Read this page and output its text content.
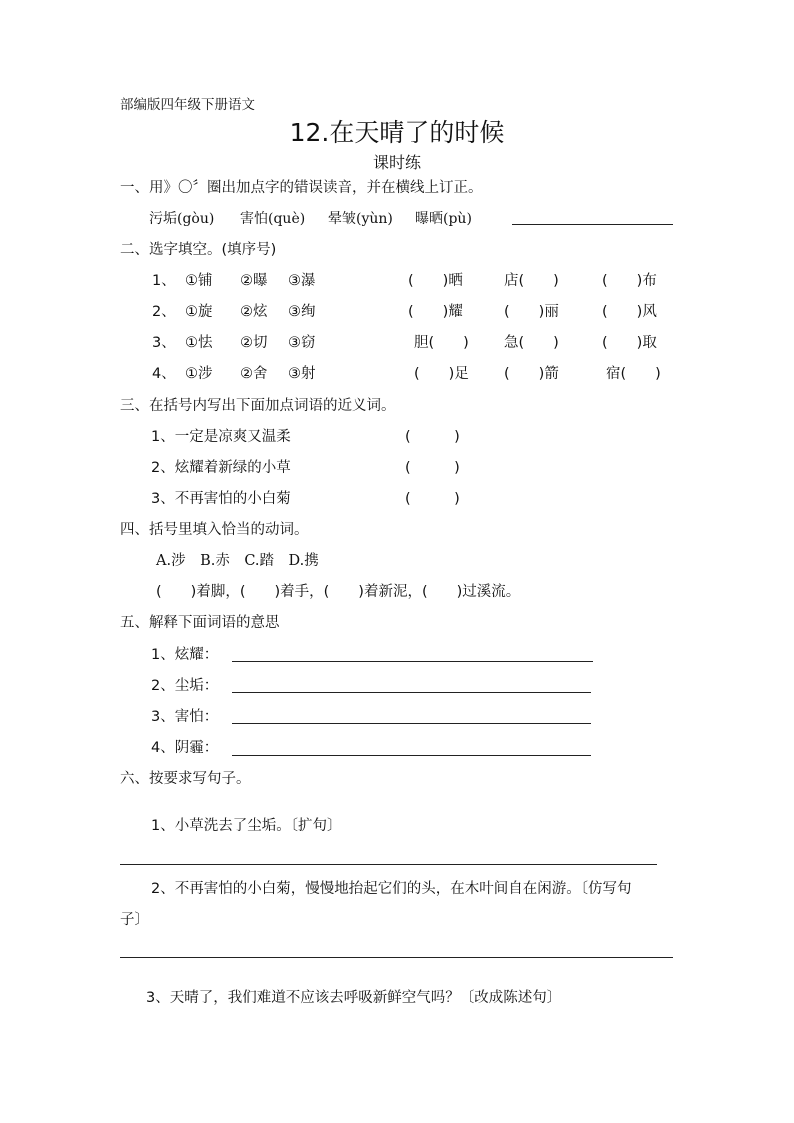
部编版四年级下册语文
12.在天晴了的时候
课时练
一、用》〇〞圈出加点字的错误读音，并在横线上订正。
污垢(gòu) 害怕(què) 晕皱(yùn) 曝晒(pù)
二、选字填空。(填序号)
1、 ①铺 ②曝 ③瀑	(　　)晒	店(　　)	(　　)布
2、 ①旋 ②炫 ③绚	(　　)耀	(　　)丽	(　　)风
3、 ①怯 ②切 ③窃	胆(　　) 急(　　)	(　　)取
4、 ①涉 ②舍 ③射	(　　)足 (　　)箭	宿(　　)
三、在括号内写出下面加点词语的近义词。
1、一定是凉爽又温柔	(　　　)
2、炫耀着新绿的小草	(　　　)
3、不再害怕的小白菊	(　　　)
四、括号里填入恰当的动词。
A.涉　B.赤　C.踏　D.携
(　　)着脚，(　　)着手，(　　)着新泥，(　　)过溪流。
五、解释下面词语的意思
1、炫耀：
2、尘垢：
3、害怕：
4、阴霾：
六、按要求写句子。
1、小草洗去了尘垢。〔扩句〕
2、不再害怕的小白菊，慢慢地抬起它们的头，在木叶间自在闲游。〔仿写句
子〕
3、天晴了，我们难道不应该去呼吸新鲜空气吗？〔改成陈述句〕
